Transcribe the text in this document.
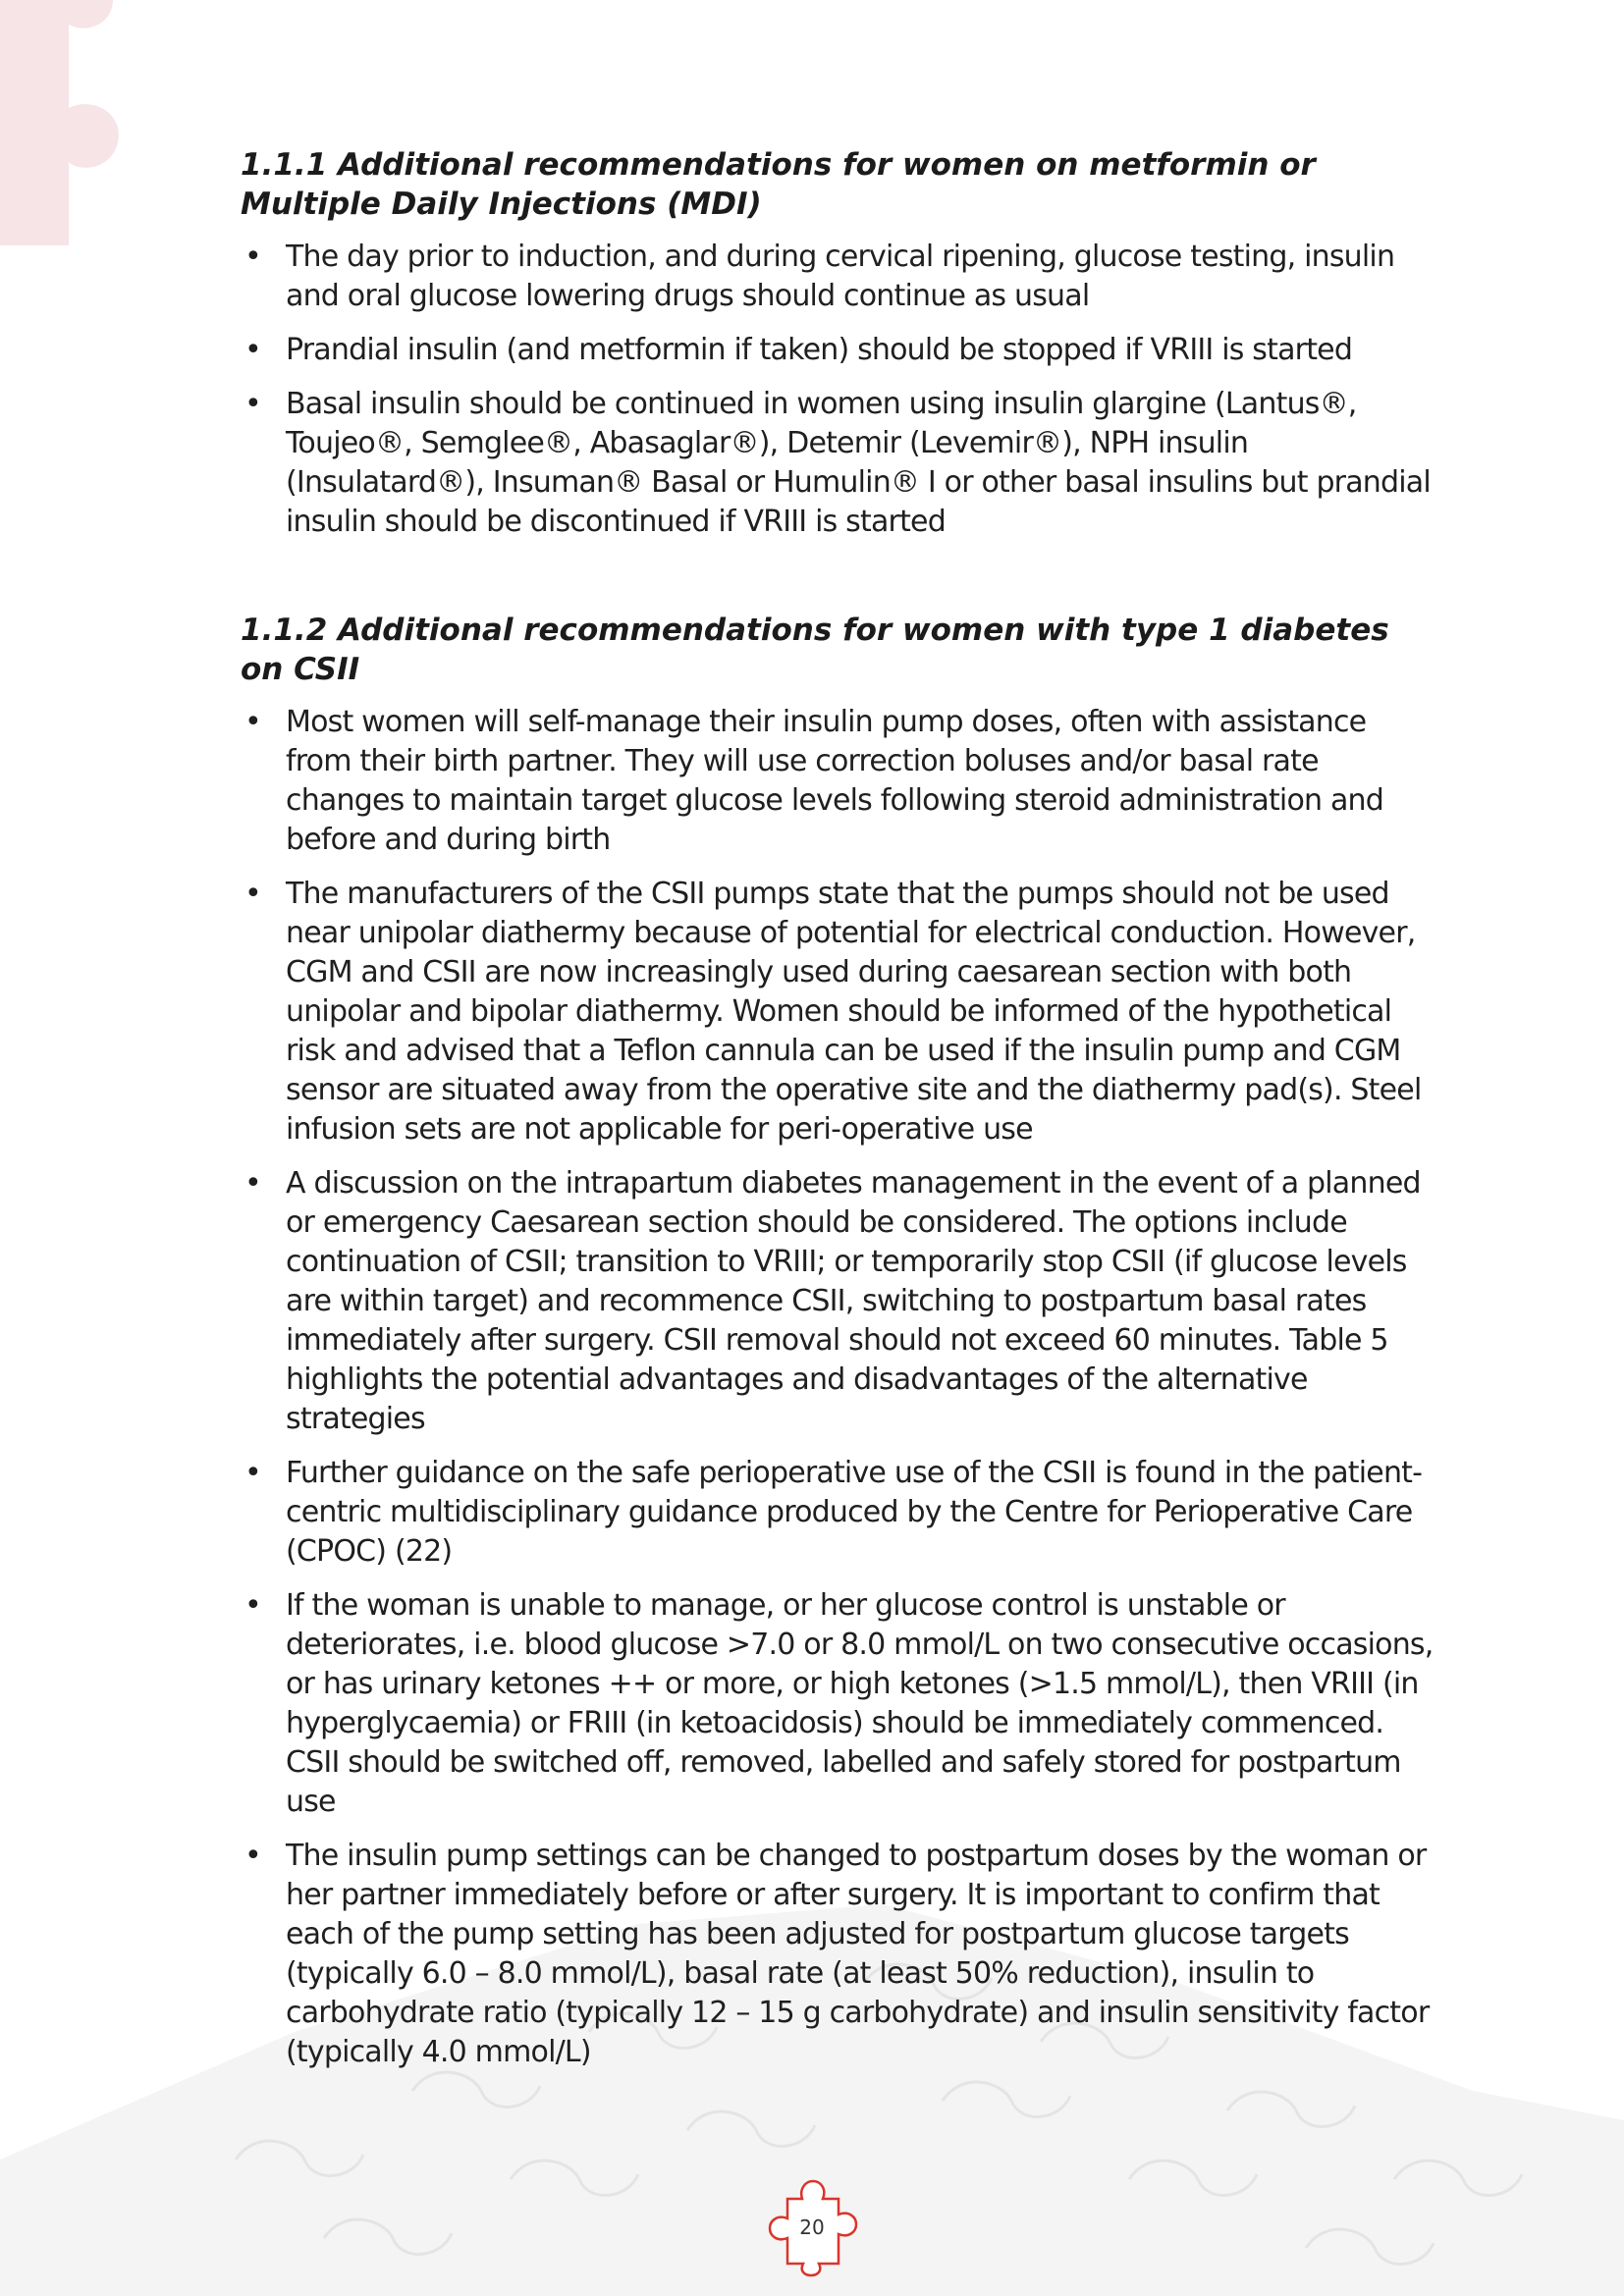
1.1.1 Additional recommendations for women on metformin or Multiple Daily Injections (MDI)
• The day prior to induction, and during cervical ripening, glucose testing, insulin and oral glucose lowering drugs should continue as usual
• Prandial insulin (and metformin if taken) should be stopped if VRIII is started
• Basal insulin should be continued in women using insulin glargine (Lantus®, Toujeo®, Semglee®, Abasaglar®), Detemir (Levemir®), NPH insulin (Insulatard®), Insuman® Basal or Humulin® I or other basal insulins but prandial insulin should be discontinued if VRIII is started
1.1.2 Additional recommendations for women with type 1 diabetes on CSII
• Most women will self-manage their insulin pump doses, often with assistance from their birth partner. They will use correction boluses and/or basal rate changes to maintain target glucose levels following steroid administration and before and during birth
• The manufacturers of the CSII pumps state that the pumps should not be used near unipolar diathermy because of potential for electrical conduction. However, CGM and CSII are now increasingly used during caesarean section with both unipolar and bipolar diathermy. Women should be informed of the hypothetical risk and advised that a Teflon cannula can be used if the insulin pump and CGM sensor are situated away from the operative site and the diathermy pad(s). Steel infusion sets are not applicable for peri-operative use
• A discussion on the intrapartum diabetes management in the event of a planned or emergency Caesarean section should be considered. The options include continuation of CSII; transition to VRIII; or temporarily stop CSII (if glucose levels are within target) and recommence CSII, switching to postpartum basal rates immediately after surgery. CSII removal should not exceed 60 minutes. Table 5 highlights the potential advantages and disadvantages of the alternative strategies
• Further guidance on the safe perioperative use of the CSII is found in the patient-centric multidisciplinary guidance produced by the Centre for Perioperative Care (CPOC) (22)
• If the woman is unable to manage, or her glucose control is unstable or deteriorates, i.e. blood glucose >7.0 or 8.0 mmol/L on two consecutive occasions, or has urinary ketones ++ or more, or high ketones (>1.5 mmol/L), then VRIII (in hyperglycaemia) or FRIII (in ketoacidosis) should be immediately commenced. CSII should be switched off, removed, labelled and safely stored for postpartum use
• The insulin pump settings can be changed to postpartum doses by the woman or her partner immediately before or after surgery. It is important to confirm that each of the pump setting has been adjusted for postpartum glucose targets (typically 6.0 – 8.0 mmol/L), basal rate (at least 50% reduction), insulin to carbohydrate ratio (typically 12 – 15 g carbohydrate) and insulin sensitivity factor (typically 4.0 mmol/L)
20
